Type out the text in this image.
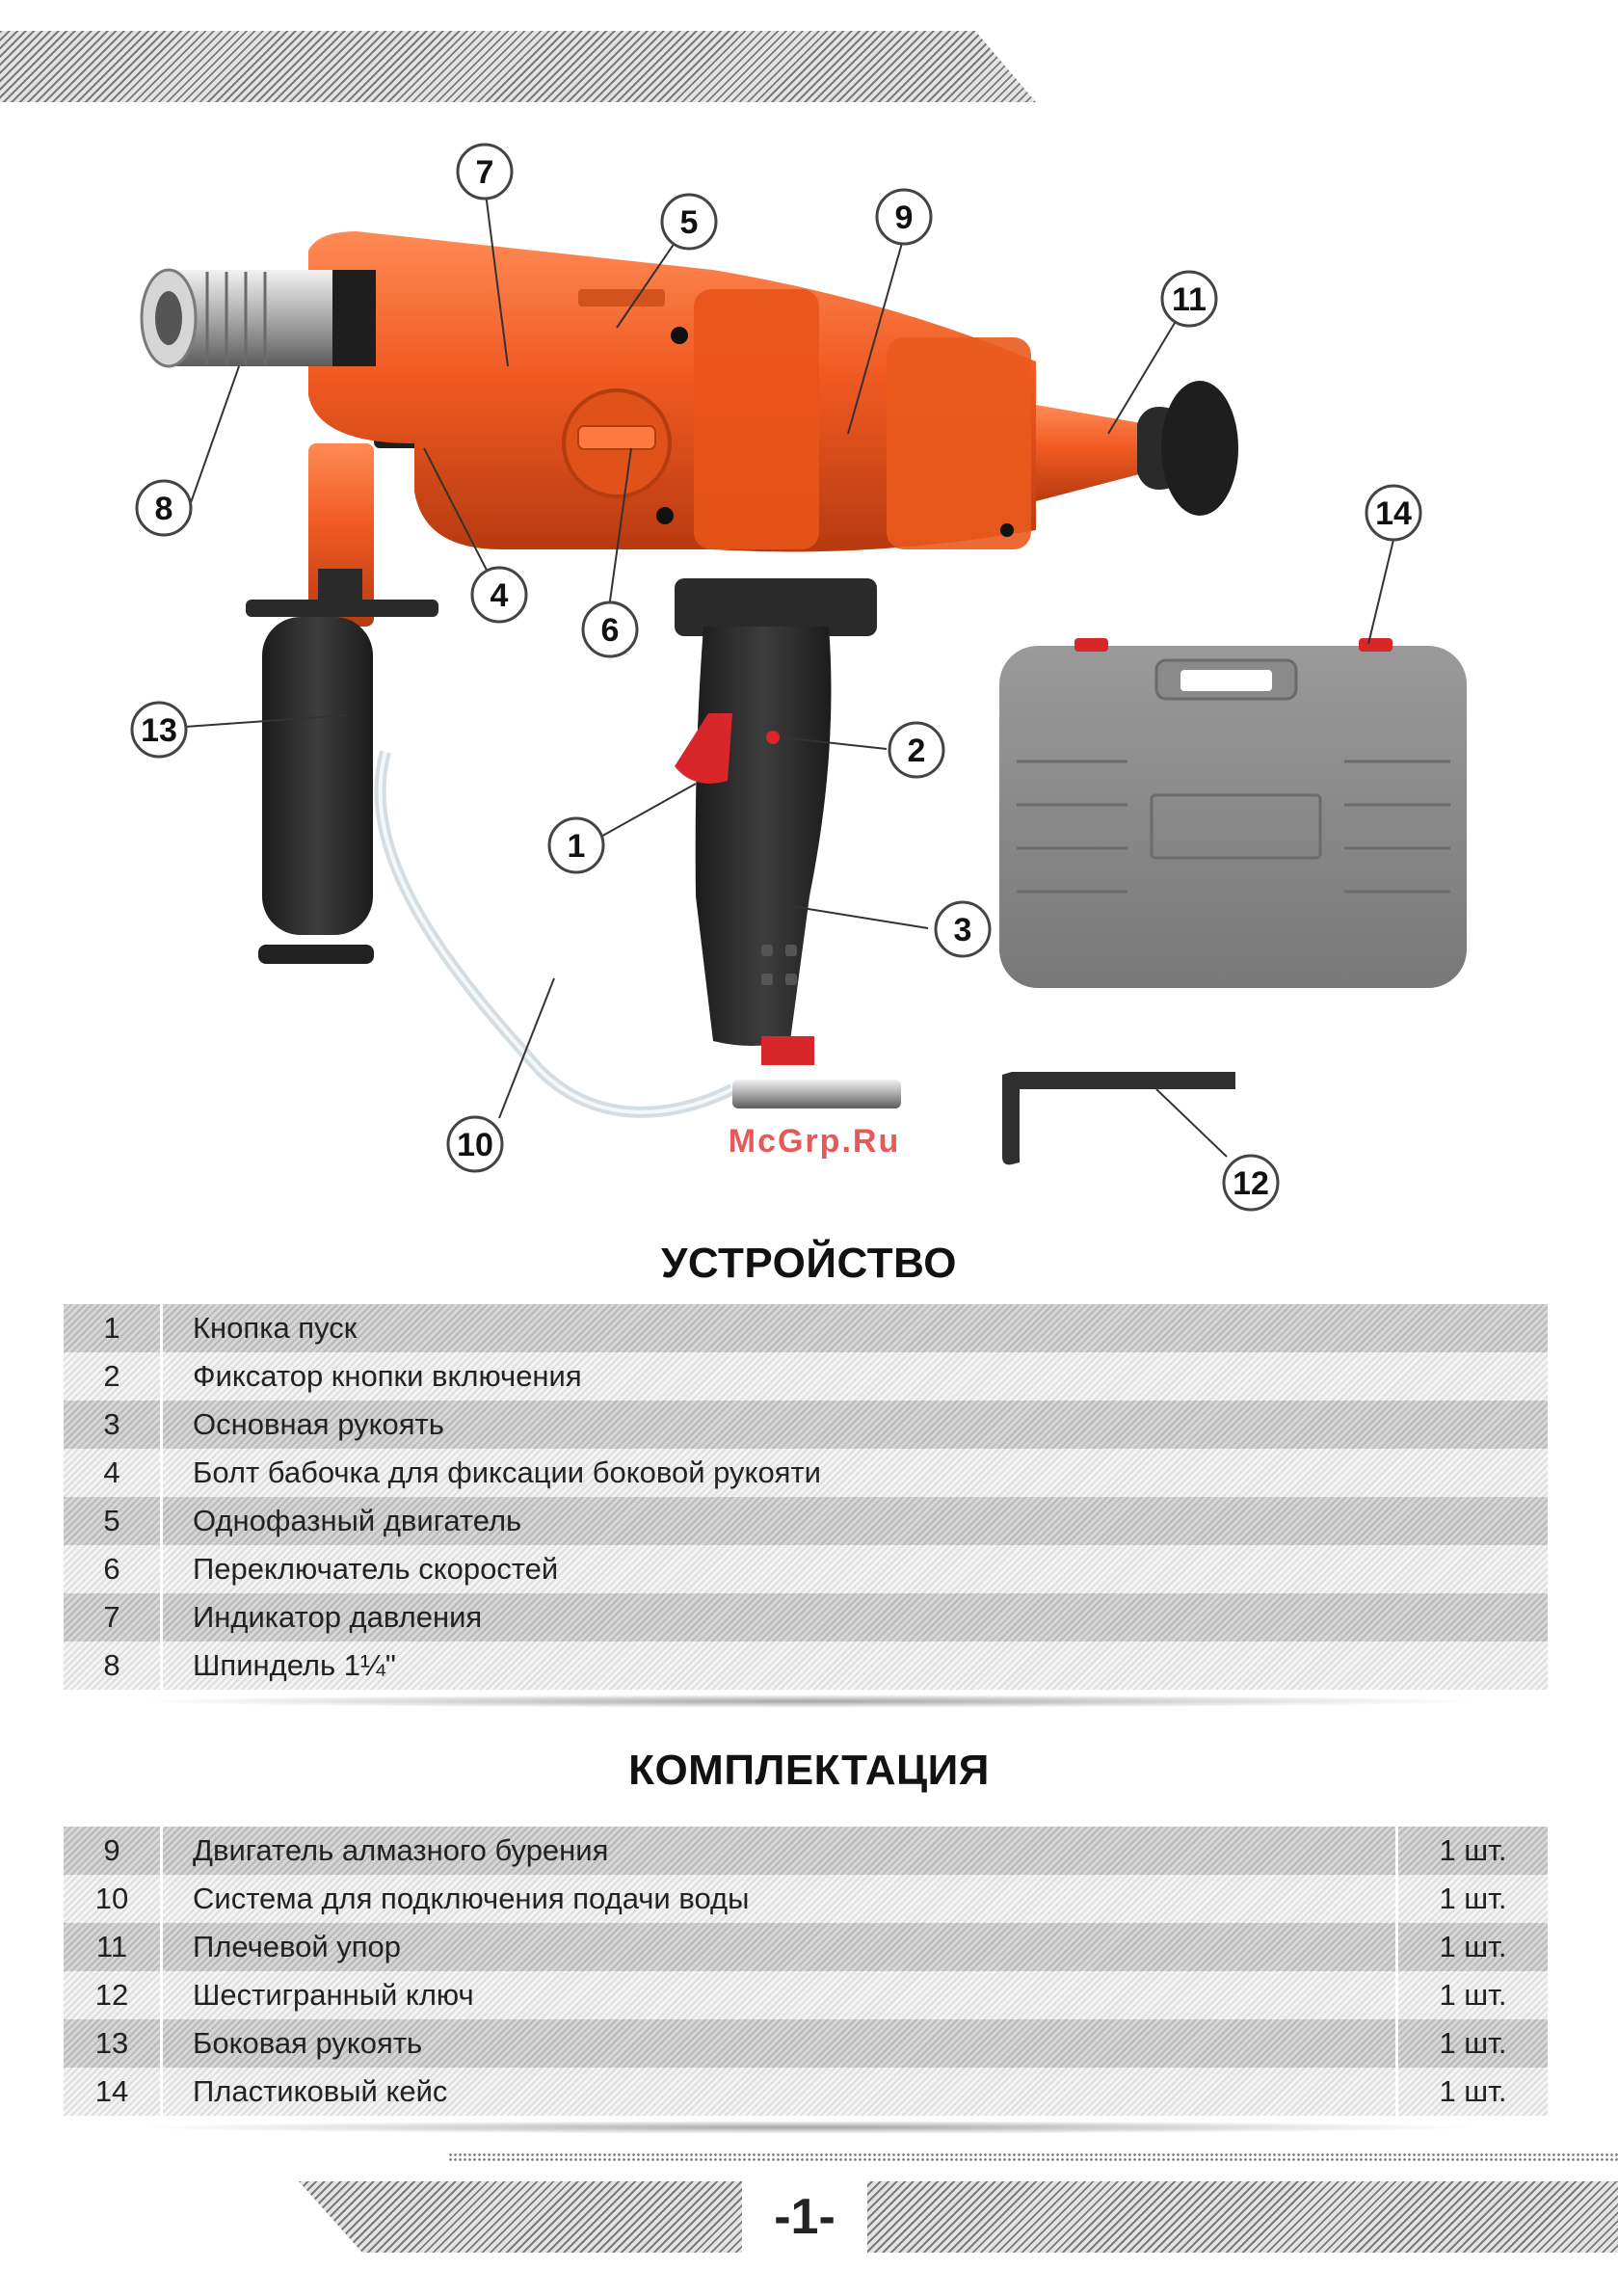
7
5	9
11
8
4
6
14
13
2
1
3
10
12
McGrp.Ru
УСТРОЙСТВО
1	Кнопка пуск
2	Фиксатор кнопки включения
3	Основная рукоять
4	Болт бабочка для фиксации боковой рукояти
5	Однофазный двигатель
6	Переключатель скоростей
7	Индикатор давления
8	Шпиндель 1¼"
КОМПЛЕКТАЦИЯ
9	Двигатель алмазного бурения	1 шт.
10	Система для подключения подачи воды	1 шт.
11	Плечевой упор	1 шт.
12	Шестигранный ключ	1 шт.
13	Боковая рукоять	1 шт.
14	Пластиковый кейс	1 шт.
-1-
